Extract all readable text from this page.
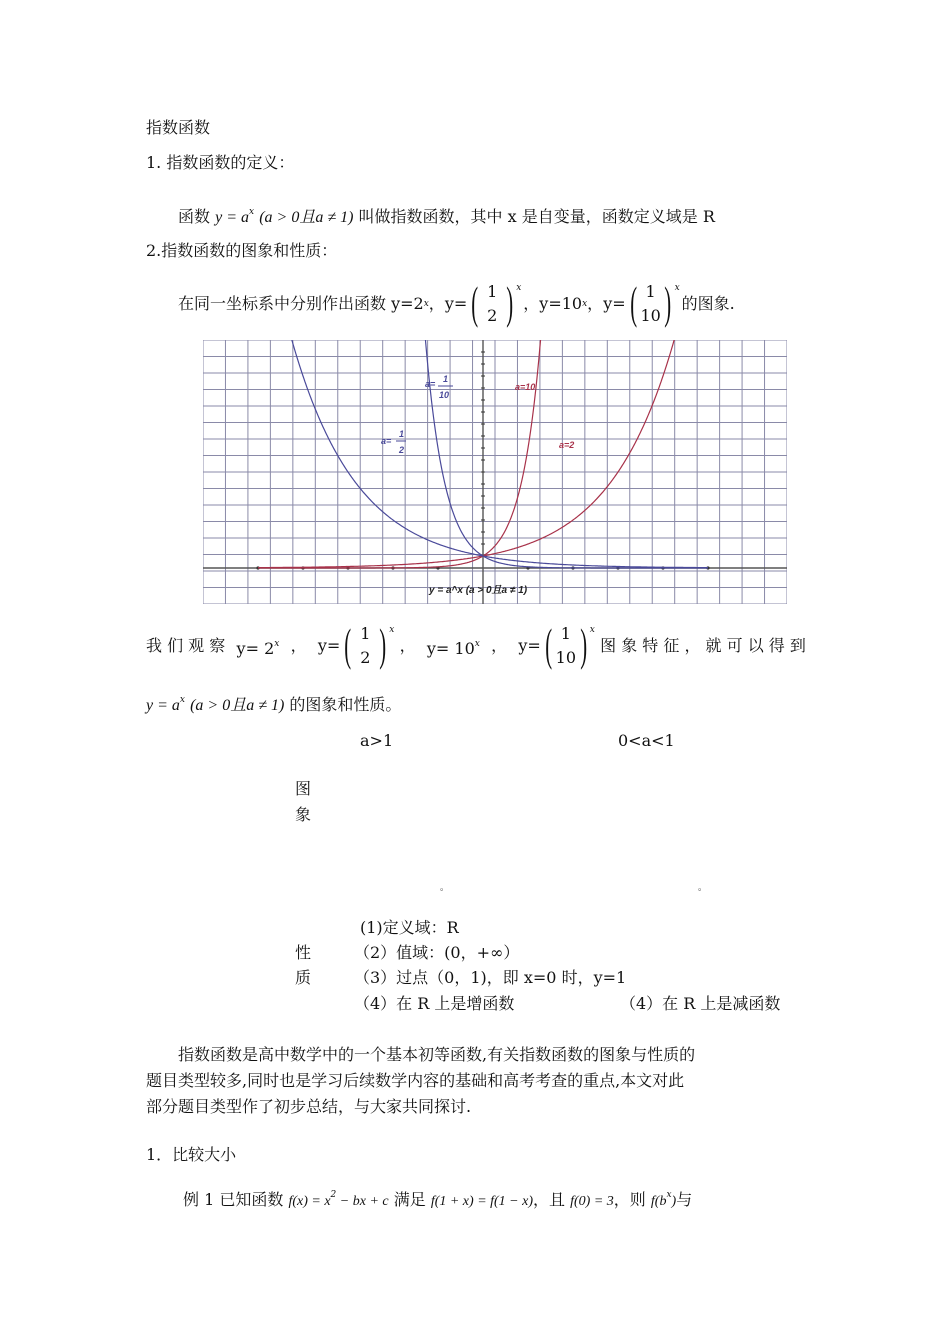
指数函数
1. 指数函数的定义：
函数 $y = a^x$ (a > 0且a ≠ 1) 叫做指数函数，其中 x 是自变量，函数定义域是 R
2.指数函数的图象和性质：
在同一坐标系中分别作出函数 y=2 x ， y= ( 1
2 ) x
， y=10 x ， y= ( 1
10 ) x
的图象.
a=10
a=2
a= 1
10
a=
1
2
y = a^x (a > 0且a ≠ 1)
我 们 观 察 $y= 2^x$ ， y= ( 1
2 ) x
， $y= 10^x$ ， y= ( 1
10 ) x
图 象 特 征 ， 就 可 以 得 到
$y = a^x$ (a > 0且a ≠ 1) 的图象和性质。
a>1	0<a<1
图
象
。	。
性
质
(1)定义域：R
（2）值域：(0，+∞）
（3）过点（0，1)，即 x=0 时，y=1
（4）在 R 上是增函数	（4）在 R 上是减函数
指数函数是高中数学中的一个基本初等函数,有关指数函数的图象与性质的
题目类型较多,同时也是学习后续数学内容的基础和高考考查的重点,本文对此
部分题目类型作了初步总结，与大家共同探讨.
1．比较大小
例 1 已知函数 $f(x) = x^2$ − bx + c 满足 f(1 + x) = f(1 − x)，且 f(0) = 3，则 $f(b^x)$与
